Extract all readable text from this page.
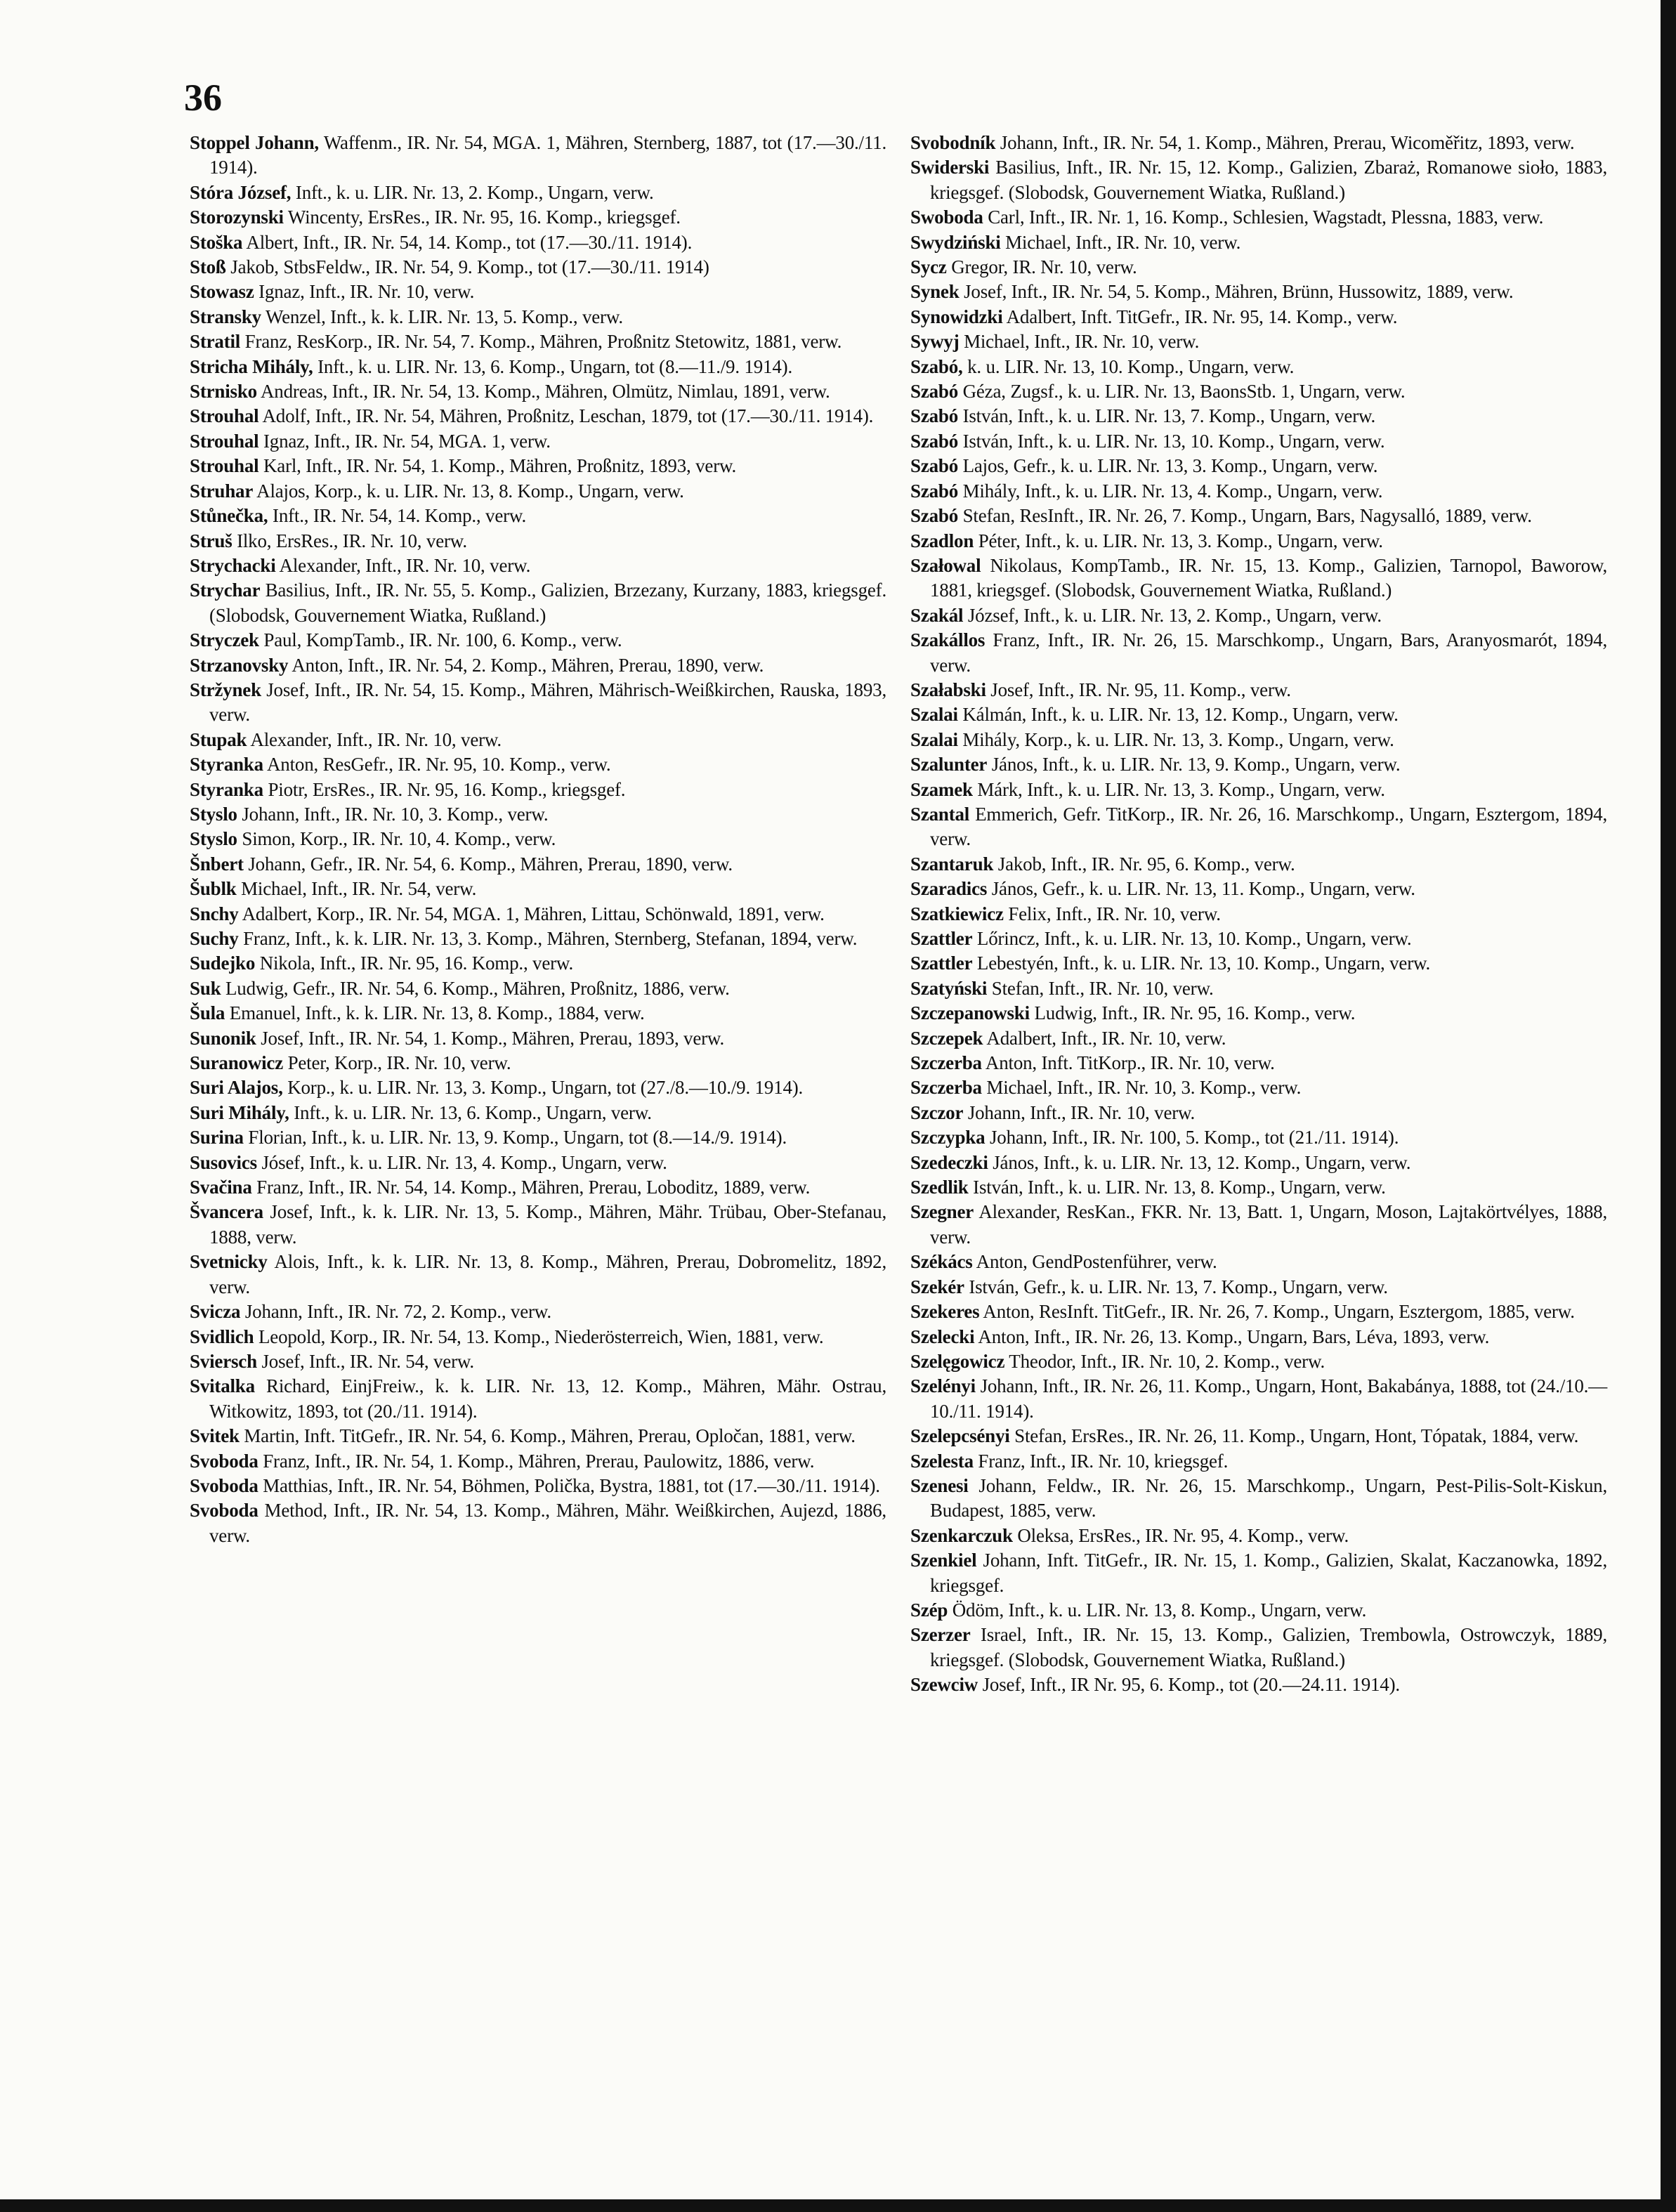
36
Stoppel Johann, Waffenm., IR. Nr. 54, MGA. 1, Mähren, Sternberg, 1887, tot (17.—30./11. 1914).
Stóra József, Inft., k. u. LIR. Nr. 13, 2. Komp., Ungarn, verw.
Storozynski Wincenty, ErsRes., IR. Nr. 95, 16. Komp., kriegsgef.
Stoška Albert, Inft., IR. Nr. 54, 14. Komp., tot (17.—30./11. 1914).
Stoß Jakob, StbsFeldw., IR. Nr. 54, 9. Komp., tot (17.—30./11. 1914)
Stowasz Ignaz, Inft., IR. Nr. 10, verw.
Stransky Wenzel, Inft., k. k. LIR. Nr. 13, 5. Komp., verw.
Stratil Franz, ResKorp., IR. Nr. 54, 7. Komp., Mähren, Proßnitz Stetowitz, 1881, verw.
Stricha Mihály, Inft., k. u. LIR. Nr. 13, 6. Komp., Ungarn, tot (8.—11./9. 1914).
Strnisko Andreas, Inft., IR. Nr. 54, 13. Komp., Mähren, Olmütz, Nimlau, 1891, verw.
Strouhal Adolf, Inft., IR. Nr. 54, Mähren, Proßnitz, Leschan, 1879, tot (17.—30./11. 1914).
Strouhal Ignaz, Inft., IR. Nr. 54, MGA. 1, verw.
Strouhal Karl, Inft., IR. Nr. 54, 1. Komp., Mähren, Proßnitz, 1893, verw.
Struhar Alajos, Korp., k. u. LIR. Nr. 13, 8. Komp., Ungarn, verw.
Stůnečka, Inft., IR. Nr. 54, 14. Komp., verw.
Struš Ilko, ErsRes., IR. Nr. 10, verw.
Strychacki Alexander, Inft., IR. Nr. 10, verw.
Strychar Basilius, Inft., IR. Nr. 55, 5. Komp., Galizien, Brzezany, Kurzany, 1883, kriegsgef. (Slobodsk, Gouvernement Wiatka, Rußland.)
Stryczek Paul, KompTamb., IR. Nr. 100, 6. Komp., verw.
Strzanovsky Anton, Inft., IR. Nr. 54, 2. Komp., Mähren, Prerau, 1890, verw.
Stržynek Josef, Inft., IR. Nr. 54, 15. Komp., Mähren, Mährisch-Weißkirchen, Rauska, 1893, verw.
Stupak Alexander, Inft., IR. Nr. 10, verw.
Styranka Anton, ResGefr., IR. Nr. 95, 10. Komp., verw.
Styranka Piotr, ErsRes., IR. Nr. 95, 16. Komp., kriegsgef.
Styslo Johann, Inft., IR. Nr. 10, 3. Komp., verw.
Styslo Simon, Korp., IR. Nr. 10, 4. Komp., verw.
Šnbert Johann, Gefr., IR. Nr. 54, 6. Komp., Mähren, Prerau, 1890, verw.
Šublk Michael, Inft., IR. Nr. 54, verw.
Snchy Adalbert, Korp., IR. Nr. 54, MGA. 1, Mähren, Littau, Schönwald, 1891, verw.
Suchy Franz, Inft., k. k. LIR. Nr. 13, 3. Komp., Mähren, Sternberg, Stefanan, 1894, verw.
Sudejko Nikola, Inft., IR. Nr. 95, 16. Komp., verw.
Suk Ludwig, Gefr., IR. Nr. 54, 6. Komp., Mähren, Proßnitz, 1886, verw.
Šula Emanuel, Inft., k. k. LIR. Nr. 13, 8. Komp., 1884, verw.
Sunonik Josef, Inft., IR. Nr. 54, 1. Komp., Mähren, Prerau, 1893, verw.
Suranowicz Peter, Korp., IR. Nr. 10, verw.
Suri Alajos, Korp., k. u. LIR. Nr. 13, 3. Komp., Ungarn, tot (27./8.—10./9. 1914).
Suri Mihály, Inft., k. u. LIR. Nr. 13, 6. Komp., Ungarn, verw.
Surina Florian, Inft., k. u. LIR. Nr. 13, 9. Komp., Ungarn, tot (8.—14./9. 1914).
Susovics Jósef, Inft., k. u. LIR. Nr. 13, 4. Komp., Ungarn, verw.
Svačina Franz, Inft., IR. Nr. 54, 14. Komp., Mähren, Prerau, Loboditz, 1889, verw.
Švancera Josef, Inft., k. k. LIR. Nr. 13, 5. Komp., Mähren, Mähr. Trübau, Ober-Stefanau, 1888, verw.
Svetnicky Alois, Inft., k. k. LIR. Nr. 13, 8. Komp., Mähren, Prerau, Dobromelitz, 1892, verw.
Svicza Johann, Inft., IR. Nr. 72, 2. Komp., verw.
Svidlich Leopold, Korp., IR. Nr. 54, 13. Komp., Niederösterreich, Wien, 1881, verw.
Sviersch Josef, Inft., IR. Nr. 54, verw.
Svitalka Richard, EinjFreiw., k. k. LIR. Nr. 13, 12. Komp., Mähren, Mähr. Ostrau, Witkowitz, 1893, tot (20./11. 1914).
Svitek Martin, Inft. TitGefr., IR. Nr. 54, 6. Komp., Mähren, Prerau, Opločan, 1881, verw.
Svoboda Franz, Inft., IR. Nr. 54, 1. Komp., Mähren, Prerau, Paulowitz, 1886, verw.
Svoboda Matthias, Inft., IR. Nr. 54, Böhmen, Polička, Bystra, 1881, tot (17.—30./11. 1914).
Svoboda Method, Inft., IR. Nr. 54, 13. Komp., Mähren, Mähr. Weißkirchen, Aujezd, 1886, verw.
Svobodník Johann, Inft., IR. Nr. 54, 1. Komp., Mähren, Prerau, Wicoměřitz, 1893, verw.
Swiderski Basilius, Inft., IR. Nr. 15, 12. Komp., Galizien, Zbaraż, Romanowe sioło, 1883, kriegsgef. (Slobodsk, Gouvernement Wiatka, Rußland.)
Swoboda Carl, Inft., IR. Nr. 1, 16. Komp., Schlesien, Wagstadt, Plessna, 1883, verw.
Swydziński Michael, Inft., IR. Nr. 10, verw.
Sycz Gregor, IR. Nr. 10, verw.
Synek Josef, Inft., IR. Nr. 54, 5. Komp., Mähren, Brünn, Hussowitz, 1889, verw.
Synowidzki Adalbert, Inft. TitGefr., IR. Nr. 95, 14. Komp., verw.
Sywyj Michael, Inft., IR. Nr. 10, verw.
Szabó, k. u. LIR. Nr. 13, 10. Komp., Ungarn, verw.
Szabó Géza, Zugsf., k. u. LIR. Nr. 13, BaonsStb. 1, Ungarn, verw.
Szabó István, Inft., k. u. LIR. Nr. 13, 7. Komp., Ungarn, verw.
Szabó István, Inft., k. u. LIR. Nr. 13, 10. Komp., Ungarn, verw.
Szabó Lajos, Gefr., k. u. LIR. Nr. 13, 3. Komp., Ungarn, verw.
Szabó Mihály, Inft., k. u. LIR. Nr. 13, 4. Komp., Ungarn, verw.
Szabó Stefan, ResInft., IR. Nr. 26, 7. Komp., Ungarn, Bars, Nagysalló, 1889, verw.
Szadlon Péter, Inft., k. u. LIR. Nr. 13, 3. Komp., Ungarn, verw.
Szałowal Nikolaus, KompTamb., IR. Nr. 15, 13. Komp., Galizien, Tarnopol, Baworow, 1881, kriegsgef. (Slobodsk, Gouvernement Wiatka, Rußland.)
Szakál József, Inft., k. u. LIR. Nr. 13, 2. Komp., Ungarn, verw.
Szakállos Franz, Inft., IR. Nr. 26, 15. Marschkomp., Ungarn, Bars, Aranyosmarót, 1894, verw.
Szałabski Josef, Inft., IR. Nr. 95, 11. Komp., verw.
Szalai Kálmán, Inft., k. u. LIR. Nr. 13, 12. Komp., Ungarn, verw.
Szalai Mihály, Korp., k. u. LIR. Nr. 13, 3. Komp., Ungarn, verw.
Szalunter János, Inft., k. u. LIR. Nr. 13, 9. Komp., Ungarn, verw.
Szamek Márk, Inft., k. u. LIR. Nr. 13, 3. Komp., Ungarn, verw.
Szantal Emmerich, Gefr. TitKorp., IR. Nr. 26, 16. Marschkomp., Ungarn, Esztergom, 1894, verw.
Szantaruk Jakob, Inft., IR. Nr. 95, 6. Komp., verw.
Szaradics János, Gefr., k. u. LIR. Nr. 13, 11. Komp., Ungarn, verw.
Szatkiewicz Felix, Inft., IR. Nr. 10, verw.
Szattler Lőrincz, Inft., k. u. LIR. Nr. 13, 10. Komp., Ungarn, verw.
Szattler Lebestyén, Inft., k. u. LIR. Nr. 13, 10. Komp., Ungarn, verw.
Szatyński Stefan, Inft., IR. Nr. 10, verw.
Szczepanowski Ludwig, Inft., IR. Nr. 95, 16. Komp., verw.
Szczepek Adalbert, Inft., IR. Nr. 10, verw.
Szczerba Anton, Inft. TitKorp., IR. Nr. 10, verw.
Szczerba Michael, Inft., IR. Nr. 10, 3. Komp., verw.
Szczor Johann, Inft., IR. Nr. 10, verw.
Szczypka Johann, Inft., IR. Nr. 100, 5. Komp., tot (21./11. 1914).
Szedeczki János, Inft., k. u. LIR. Nr. 13, 12. Komp., Ungarn, verw.
Szedlik István, Inft., k. u. LIR. Nr. 13, 8. Komp., Ungarn, verw.
Szegner Alexander, ResKan., FKR. Nr. 13, Batt. 1, Ungarn, Moson, Lajtakörtvélyes, 1888, verw.
Székács Anton, GendPostenführer, verw.
Szekér István, Gefr., k. u. LIR. Nr. 13, 7. Komp., Ungarn, verw.
Szekeres Anton, ResInft. TitGefr., IR. Nr. 26, 7. Komp., Ungarn, Esztergom, 1885, verw.
Szelecki Anton, Inft., IR. Nr. 26, 13. Komp., Ungarn, Bars, Léva, 1893, verw.
Szelęgowicz Theodor, Inft., IR. Nr. 10, 2. Komp., verw.
Szelényi Johann, Inft., IR. Nr. 26, 11. Komp., Ungarn, Hont, Bakabánya, 1888, tot (24./10.—10./11. 1914).
Szelepcsényi Stefan, ErsRes., IR. Nr. 26, 11. Komp., Ungarn, Hont, Tópatak, 1884, verw.
Szelesta Franz, Inft., IR. Nr. 10, kriegsgef.
Szenesi Johann, Feldw., IR. Nr. 26, 15. Marschkomp., Ungarn, Pest-Pilis-Solt-Kiskun, Budapest, 1885, verw.
Szenkarczuk Oleksa, ErsRes., IR. Nr. 95, 4. Komp., verw.
Szenkiel Johann, Inft. TitGefr., IR. Nr. 15, 1. Komp., Galizien, Skalat, Kaczanowka, 1892, kriegsgef.
Szép Ödöm, Inft., k. u. LIR. Nr. 13, 8. Komp., Ungarn, verw.
Szerzer Israel, Inft., IR. Nr. 15, 13. Komp., Galizien, Trembowla, Ostrowczyk, 1889, kriegsgef. (Slobodsk, Gouvernement Wiatka, Rußland.)
Szewciw Josef, Inft., IR Nr. 95, 6. Komp., tot (20.—24.11. 1914).
